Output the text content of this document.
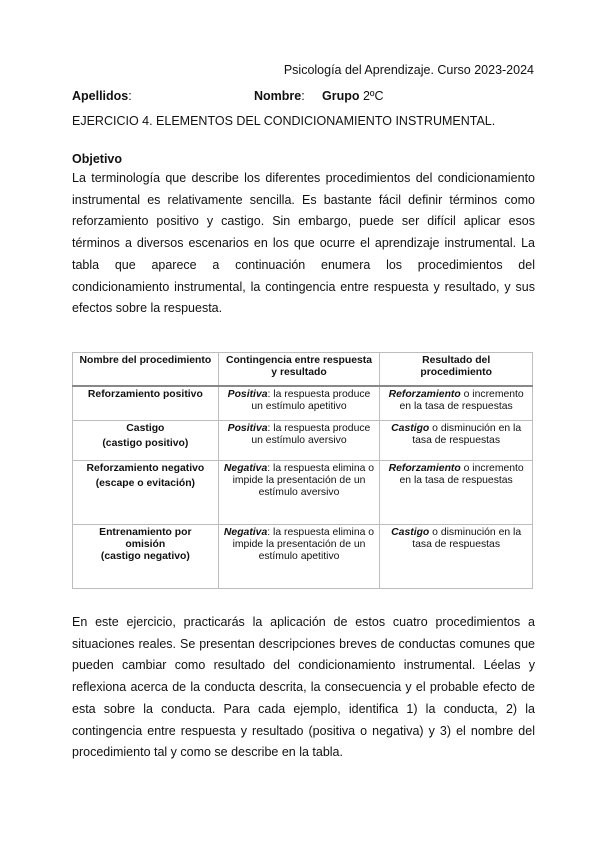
Psicología del Aprendizaje. Curso 2023-2024
Apellidos:	Nombre: Grupo 2ºC
EJERCICIO 4. ELEMENTOS DEL CONDICIONAMIENTO INSTRUMENTAL.
Objetivo
La terminología que describe los diferentes procedimientos del condicionamiento instrumental es relativamente sencilla. Es bastante fácil definir términos como reforzamiento positivo y castigo. Sin embargo, puede ser difícil aplicar esos términos a diversos escenarios en los que ocurre el aprendizaje instrumental. La tabla que aparece a continuación enumera los procedimientos del condicionamiento instrumental, la contingencia entre respuesta y resultado, y sus efectos sobre la respuesta.
Nombre del procedimiento	Contingencia entre respuesta y resultado	Resultado del procedimiento
Reforzamiento positivo	Positiva: la respuesta produce un estímulo apetitivo	Reforzamiento o incremento en la tasa de respuestas
Castigo
(castigo positivo)	Positiva: la respuesta produce un estímulo aversivo	Castigo o disminución en la tasa de respuestas
Reforzamiento negativo
(escape o evitación)	Negativa: la respuesta elimina o impide la presentación de un estímulo aversivo	Reforzamiento o incremento en la tasa de respuestas
Entrenamiento por omisión
(castigo negativo)	Negativa: la respuesta elimina o impide la presentación de un estímulo apetitivo	Castigo o disminución en la tasa de respuestas
En este ejercicio, practicarás la aplicación de estos cuatro procedimientos a situaciones reales. Se presentan descripciones breves de conductas comunes que pueden cambiar como resultado del condicionamiento instrumental. Léelas y reflexiona acerca de la conducta descrita, la consecuencia y el probable efecto de esta sobre la conducta. Para cada ejemplo, identifica 1) la conducta, 2) la contingencia entre respuesta y resultado (positiva o negativa) y 3) el nombre del procedimiento tal y como se describe en la tabla.
